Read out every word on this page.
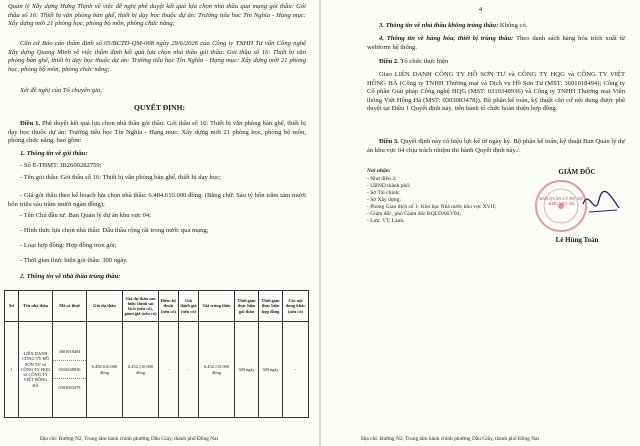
Quản lý Xây dựng Hưng Thịnh về việc đề nghị phê duyệt kết quả lựa chọn nhà thầu qua mạng gói thầu: Gói thầu số 16: Thiết bị văn phòng bàn ghế, thiết bị dạy học thuộc dự án: Trường tiểu học Tín Nghĩa - Hạng mục: Xây dựng mới 21 phòng học, phòng bộ môn, phòng chức năng;
Căn cứ Báo cáo thẩm định số 05/BCTĐ-QM-068 ngày 29/6/2026 của Công ty TNHH Tư vấn Công nghệ Xây dựng Quang Minh về việc thẩm định kết quả lựa chọn nhà thầu gói thầu: Gói thầu số 16: Thiết bị văn phòng bàn ghế, thiết bị dạy học thuộc dự án: Trường tiểu học Tín Nghĩa - Hạng mục: Xây dựng mới 21 phòng học, phòng bộ môn, phòng chức năng;
Xét đề nghị của Tổ chuyên gia,
QUYẾT ĐỊNH:
Điều 1. Phê duyệt kết quả lựa chọn nhà thầu gói thầu: Gói thầu số 16: Thiết bị văn phòng bàn ghế, thiết bị dạy học thuộc dự án: Trường tiểu học Tín Nghĩa - Hạng mục: Xây dựng mới 21 phòng học, phòng bộ môn, phòng chức năng, bao gồm:
1. Thông tin về gói thầu:
- Số E-TBMT: IB2600282759;
- Tên gói thầu: Gói thầu số 16: Thiết bị văn phòng bàn ghế, thiết bị dạy học;
- Giá gói thầu theo kế hoạch lựa chọn nhà thầu: 6.484.610.000 đồng. (Bằng chữ: Sáu tỷ bốn trăm tám mươi bốn triệu sáu trăm mười ngàn đồng);
- Tên Chủ đầu tư: Ban Quản lý dự án khu vực 04;
- Hình thức lựa chọn nhà thầu: Đấu thầu rộng rãi trong nước qua mạng;
- Loại hợp đồng: Hợp đồng trọn gói;
- Thời gian thực hiện gói thầu: 300 ngày.
2. Thông tin về nhà thầu trúng thầu:
Stt	Tên nhà thầu	Mã số thuế	Giá dự thầu	Giá dự thầu sau hiệu chỉnh sai lệch (nếu có), giảm giá (nếu có)	Điểm kỹ thuật (nếu có)	Giá đánh giá (nếu có)	Giá trúng thầu	Thời gian thực hiện gói thầu	Thời gian thực hiện hợp đồng	Các nội dung khác (nếu có)
1	LIÊN DANH CÔNG TY HỒ SƠN TƯ và CÔNG TY HQG và CÔNG TY VIỆT HỒNG HÀ	3601018494
0310348936
0303083478	6.484.610.000 đồng	6.452.110.000 đồng	-	-	6.452.110.000 đồng	300 ngày	300 ngày	-
Địa chỉ: Đường N2, Trung tâm hành chính phường Dầu Giây, thành phố Đồng Nai
4
3. Thông tin về nhà thầu không trúng thầu: Không có.
4. Thông tin về hàng hóa, thiết bị trúng thầu: Theo danh sách hàng hóa trích xuất từ webform hệ thống.
Điều 2. Tổ chức thực hiện
Giao LIÊN DANH CÔNG TY HỒ SƠN TƯ và CÔNG TY HQG và CÔNG TY VIỆT HỒNG HÀ (Công ty TNHH Thương mại và Dịch vụ Hồ Sơn Tư (MST: 3601018494); Công ty Cổ phần Giải pháp Công nghệ HQG (MST: 0310348936) và Công ty TNHH Thương mại Viễn thông Việt Hồng Hà (MST: 0303083478)). Bộ phận kế toán, kỹ thuật căn cứ nội dung được phê duyệt tại Điều 1 Quyết định này, tiến hành tổ chức hoàn thiện hợp đồng.
Điều 3. Quyết định này có hiệu lực kể từ ngày ký. Bộ phận kế toán, kỹ thuật Ban Quản lý dự án khu vực 04 chịu trách nhiệm thi hành Quyết định này./.
Nơi nhận:
- Như điều 3;
- UBND thành phố;
- Sở Tài chính;
- Sở Xây dựng;
- Phòng Giao dịch số 1- Kho bạc Nhà nước khu vực XVII;
- Giám đốc, phó Giám đốc BQLDAKV04;
- Lưu: VT, Lành.
GIÁM ĐỐC
BAN QUẢN LÝ DỰ ÁN KHU VỰC 04
Lê Hùng Toàn
Địa chỉ: Đường N2, Trung tâm hành chính phường Dầu Giây, thành phố Đồng Nai
